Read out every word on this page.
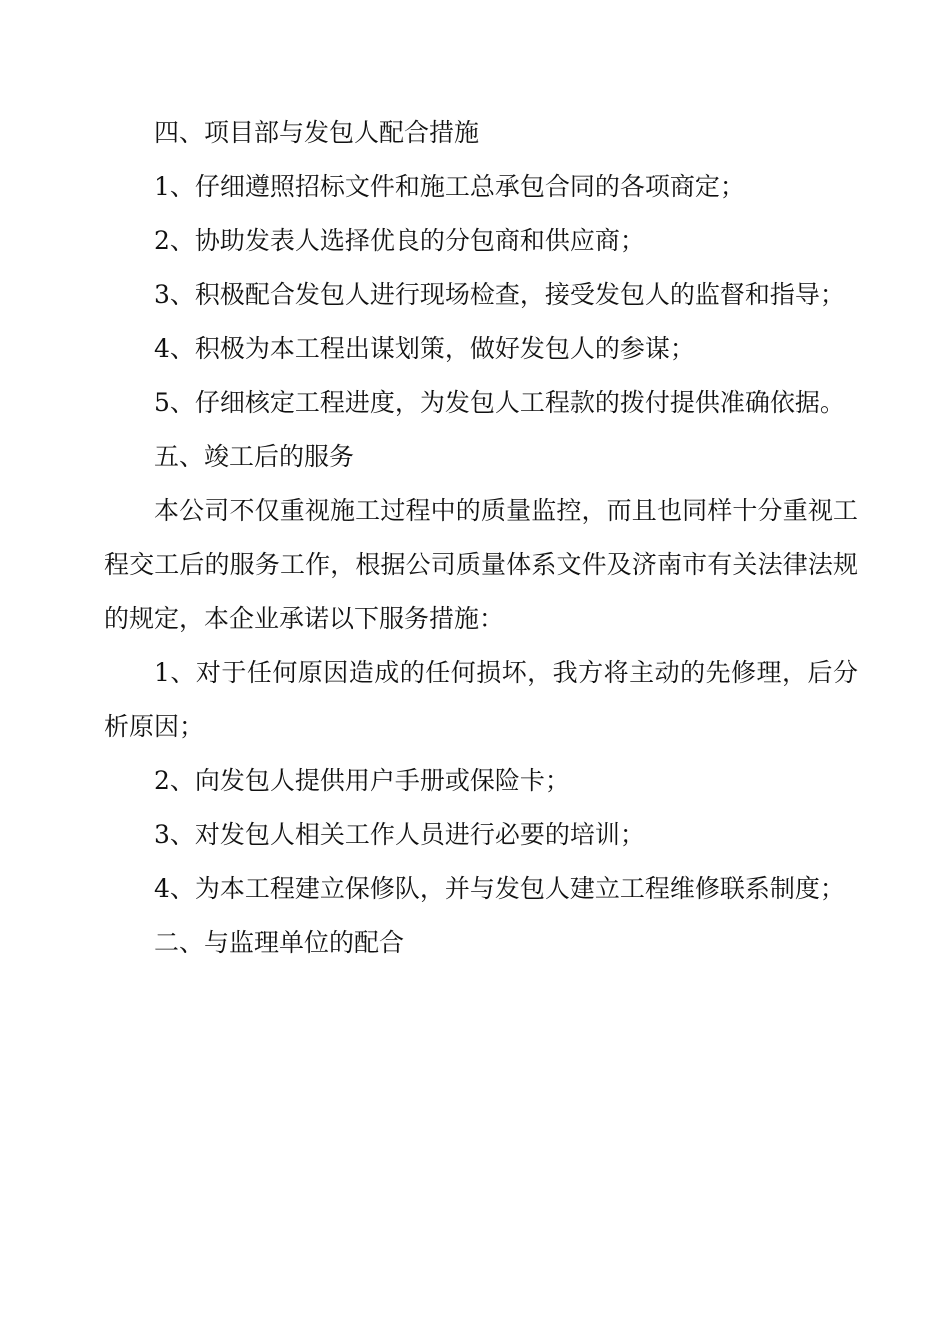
四、项目部与发包人配合措施

1、仔细遵照招标文件和施工总承包合同的各项商定；

2、协助发表人选择优良的分包商和供应商；

3、积极配合发包人进行现场检查，接受发包人的监督和指导；

4、积极为本工程出谋划策，做好发包人的参谋；

5、仔细核定工程进度，为发包人工程款的拨付提供准确依据。

五、竣工后的服务

本公司不仅重视施工过程中的质量监控，而且也同样十分重视工程交工后的服务工作，根据公司质量体系文件及济南市有关法律法规的规定，本企业承诺以下服务措施：

1、对于任何原因造成的任何损坏，我方将主动的先修理，后分析原因；

2、向发包人提供用户手册或保险卡；

3、对发包人相关工作人员进行必要的培训；

4、为本工程建立保修队，并与发包人建立工程维修联系制度；

二、与监理单位的配合
